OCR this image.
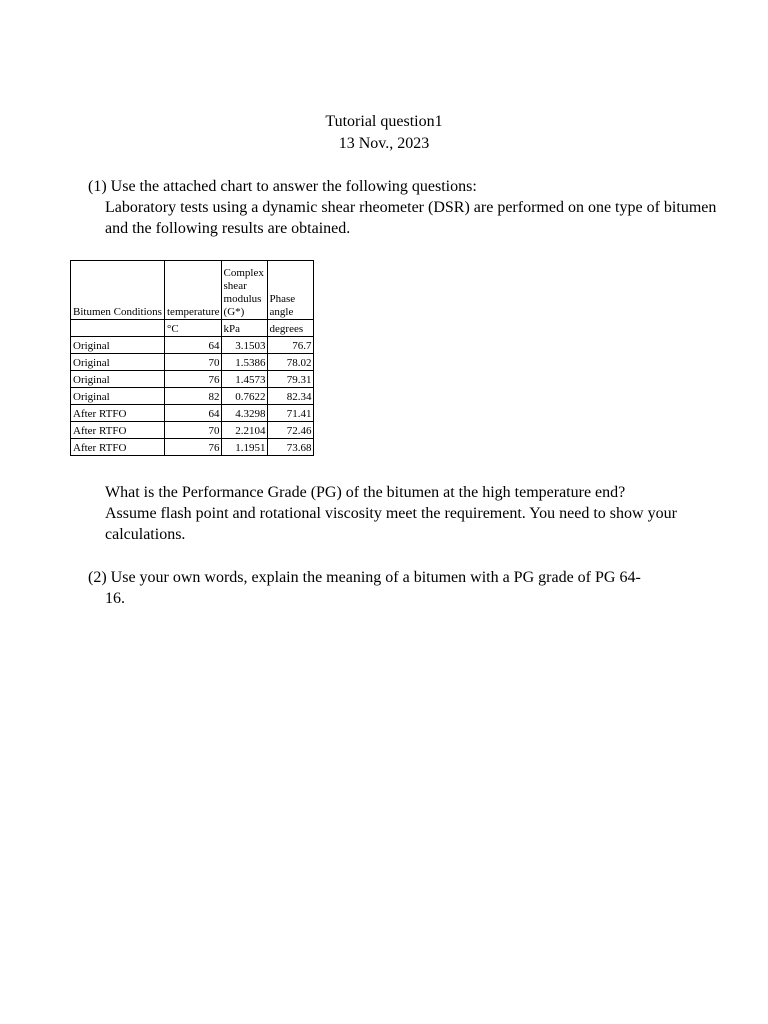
Tutorial question1
13 Nov., 2023
(1) Use the attached chart to answer the following questions:
Laboratory tests using a dynamic shear rheometer (DSR) are performed on one type of bitumen and the following results are obtained.
Bitumen Conditions	temperature	Complex shear modulus (G*)	Phase angle
	°C	kPa	degrees
Original	64	3.1503	76.7
Original	70	1.5386	78.02
Original	76	1.4573	79.31
Original	82	0.7622	82.34
After RTFO	64	4.3298	71.41
After RTFO	70	2.2104	72.46
After RTFO	76	1.1951	73.68
What is the Performance Grade (PG) of the bitumen at the high temperature end?
Assume flash point and rotational viscosity meet the requirement. You need to show your calculations.
(2) Use your own words, explain the meaning of a bitumen with a PG grade of PG 64-
16.
